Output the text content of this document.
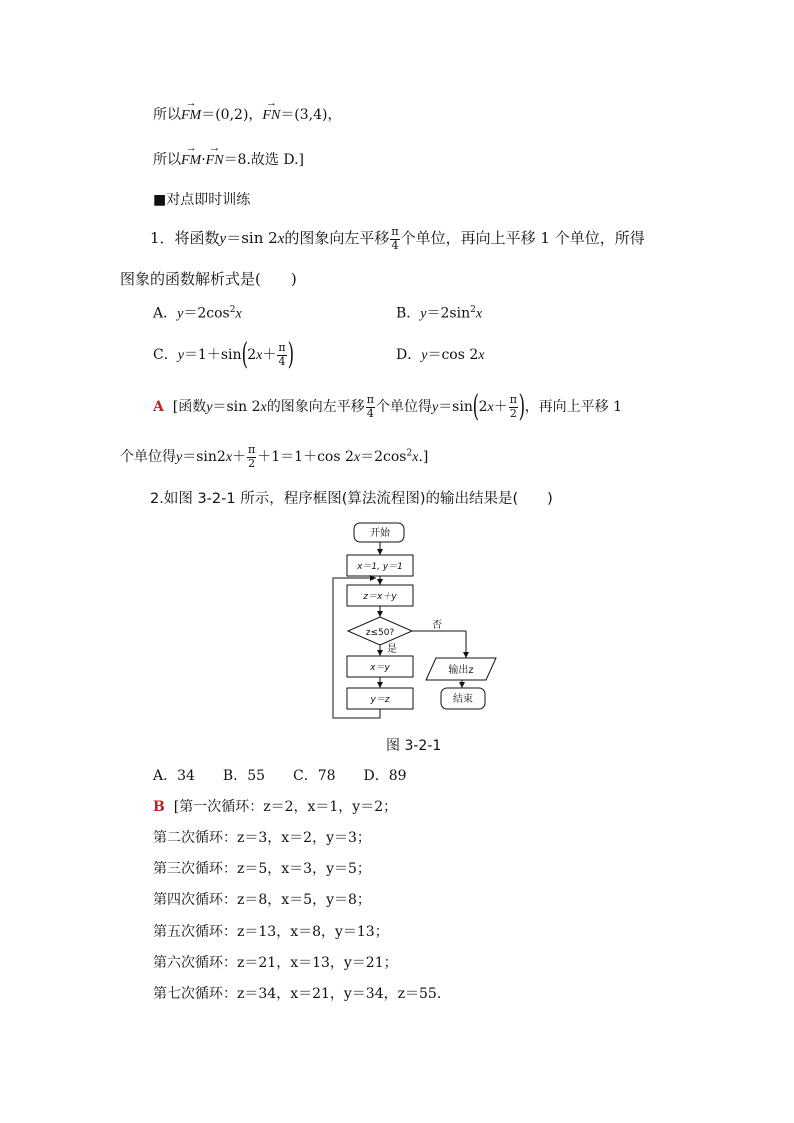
所以→ FM＝(0,2)，→ FN＝(3,4)，
所以→ FM·→ FN＝8.故选 D.]
■对点即时训练
1．将函数y＝sin 2x的图象向左平移 $\frac{\pi}{4}$ 个单位，再向上平移 1 个单位，所得
图象的函数解析式是(　　)
A．$y=2\cos^2x$	B．$y=2\sin^2x$
C．$y=1+\sin(2x+ \frac{\pi}{4}$ )	D．y＝cos 2x
A [函数y＝sin 2x的图象向左平移 $\frac{\pi}{4}$ 个单位得$y=\sin(2x+ \frac{\pi}{2}$ )，再向上平移 1
个单位得$y=\sin 2x+ \frac{\pi}{2} +1=1+\cos$ $2x=2\cos^2x$.]
2.如图 3-2-1 所示，程序框图(算法流程图)的输出结果是(　　)
开始
x＝1, y＝1
z＝x＋y
z≤50?
否
是
x＝y
y＝z
输出z
结束
图 3-2-1
A．34　　B．55　　C．78　　D．89
B [第一次循环：z＝2，x＝1，y＝2；
第二次循环：z＝3，x＝2，y＝3；
第三次循环：z＝5，x＝3，y＝5；
第四次循环：z＝8，x＝5，y＝8；
第五次循环：z＝13，x＝8，y＝13；
第六次循环：z＝21，x＝13，y＝21；
第七次循环：z＝34，x＝21，y＝34，z＝55.
